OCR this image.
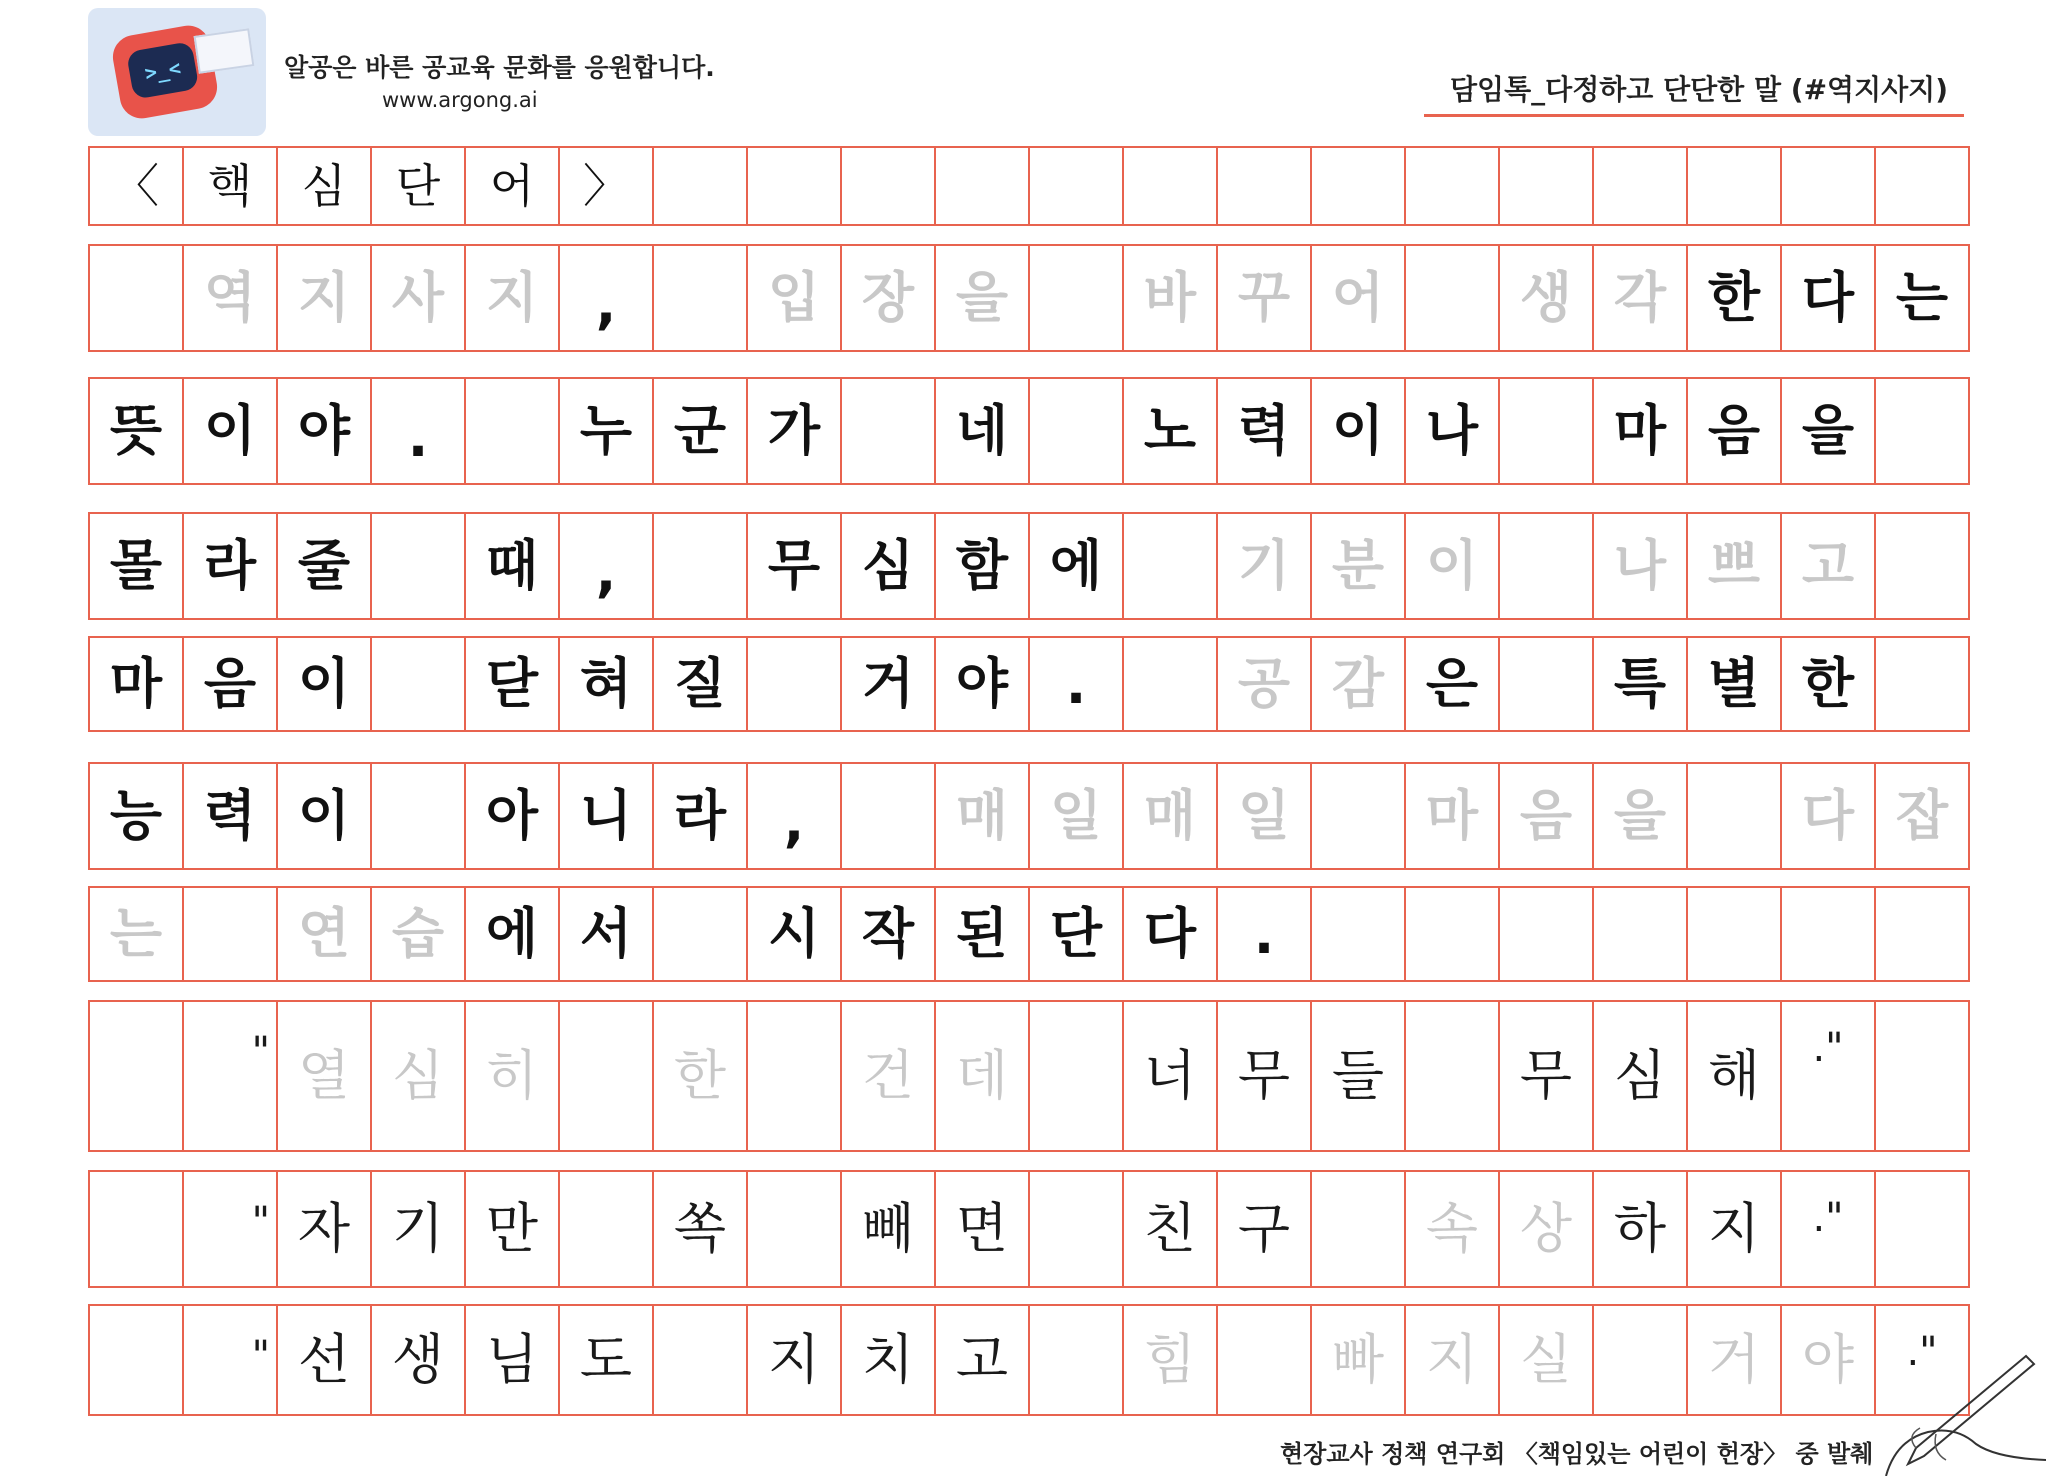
>_<	알공은 바른 공교육 문화를 응원합니다.
www.argong.ai	담임톡_다정하고 단단한 말 (#역지사지)
〈	핵	심	단	어	〉
역 지 사 지	,	입 장 을	바 꾸 어	생 각 한 다 는
뜻 이 야	.	누 군 가	네	노 력 이 나	마 음 을
몰 라 줄	때	,	무 심 함 에	기 분 이	나 쁘 고
마 음 이	닫 혀 질	거 야	.	공 감 은	특 별 한
능 력 이	아 니 라	,	매 일 매 일	마 음 을	다 잡
는	연 습 에 서	시 작 된 단 다	.
" 열 심 히	한	건 데	너 무 들	무 심 해	."
" 자 기 만	쏙	빼 면	친 구	속 상 하 지	."
" 선 생 님 도	지 치 고	힘	빠 지 실	거 야	."
현장교사 정책 연구회 〈책임있는 어린이 헌장〉 중 발췌
